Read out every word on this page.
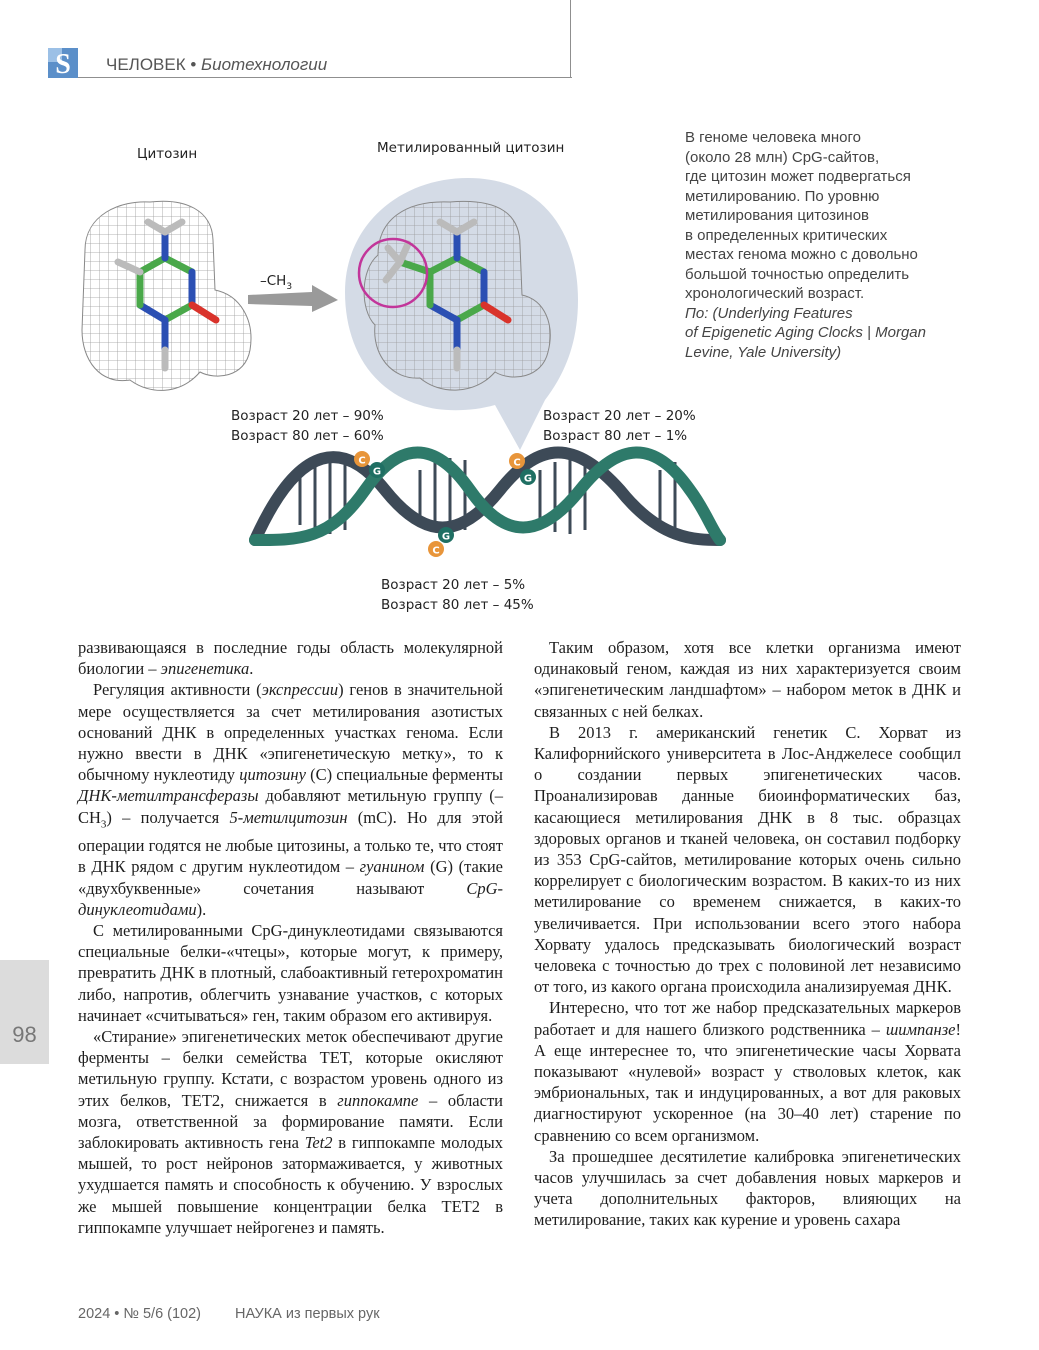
S ЧЕЛОВЕК • Биотехнологии
$-CH_3$
C
G
C
G
G
C
Цитозин	Метилированный цитозин
Возраст 20 лет – 90%
Возраст 80 лет – 60%
Возраст 20 лет – 20%
Возраст 80 лет – 1%
Возраст 20 лет – 5%
Возраст 80 лет – 45%
В геноме человека много
(около 28 млн) CpG-сайтов,
где цитозин может подвергаться
метилированию. По уровню
метилирования цитозинов
в определенных критических
местах генома можно с довольно
большой точностью определить
хронологический возраст.
По: (Underlying Features
of Epigenetic Aging Clocks | Morgan
Levine, Yale University)

развивающаяся в последние годы область молекулярной биологии – эпигенетика.

Регуляция активности (экспрессии) генов в значительной мере осуществляется за счет метилирования азотистых оснований ДНК в определенных участках генома. Если нужно ввести в ДНК «эпигенетическую метку», то к обычному нуклеотиду цитозину (C) специальные ферменты ДНК-метилтрансферазы добавляют метильную группу $(-CH_3)$ – получается 5-метилцитозин (mC). Но для этой операции годятся не любые цитозины, а только те, что стоят в ДНК рядом с другим нуклеотидом – гуанином (G) (такие «двухбуквенные» сочетания называют CpG-динуклеотидами).

С метилированными CpG-динуклеотидами связываются специальные белки-«чтецы», которые могут, к примеру, превратить ДНК в плотный, слабоактивный гетерохроматин либо, напротив, облегчить узнавание участков, с которых начинает «считываться» ген, таким образом его активируя.

«Стирание» эпигенетических меток обеспечивают другие ферменты – белки семейства TET, которые окисляют метильную группу. Кстати, с возрастом уровень одного из этих белков, TET2, снижается в гиппокампе – области мозга, ответственной за формирование памяти. Если заблокировать активность гена Tet2 в гиппокампе молодых мышей, то рост нейронов затормаживается, у животных ухудшается память и способность к обучению. У взрослых же мышей повышение концентрации белка TET2 в гиппокампе улучшает нейрогенез и память.

Таким образом, хотя все клетки организма имеют одинаковый геном, каждая из них характеризуется своим «эпигенетическим ландшафтом» – набором меток в ДНК и связанных с ней белках.

В 2013 г. американский генетик С. Хорват из Калифорнийского университета в Лос-Анджелесе сообщил о создании первых эпигенетических часов. Проанализировав данные биоинформатических баз, касающиеся метилирования ДНК в 8 тыс. образцах здоровых органов и тканей человека, он составил подборку из 353 CpG-сайтов, метилирование которых очень сильно коррелирует с биологическим возрастом. В каких-то из них метилирование со временем снижается, в каких-то увеличивается. При использовании всего этого набора Хорвату удалось предсказывать биологический возраст человека с точностью до трех с половиной лет независимо от того, из какого органа происходила анализируемая ДНК.

Интересно, что тот же набор предсказательных маркеров работает и для нашего близкого родственника – шимпанзе! А еще интереснее то, что эпигенетические часы Хорвата показывают «нулевой» возраст у стволовых клеток, как эмбриональных, так и индуцированных, а вот для раковых диагностируют ускоренное (на 30–40 лет) старение по сравнению со всем организмом.

За прошедшее десятилетие калибровка эпигенетических часов улучшилась за счет добавления новых маркеров и учета дополнительных факторов, влияющих на метилирование, таких как курение и уровень сахара

98
2024 • № 5/6 (102) НАУКА из первых рук
